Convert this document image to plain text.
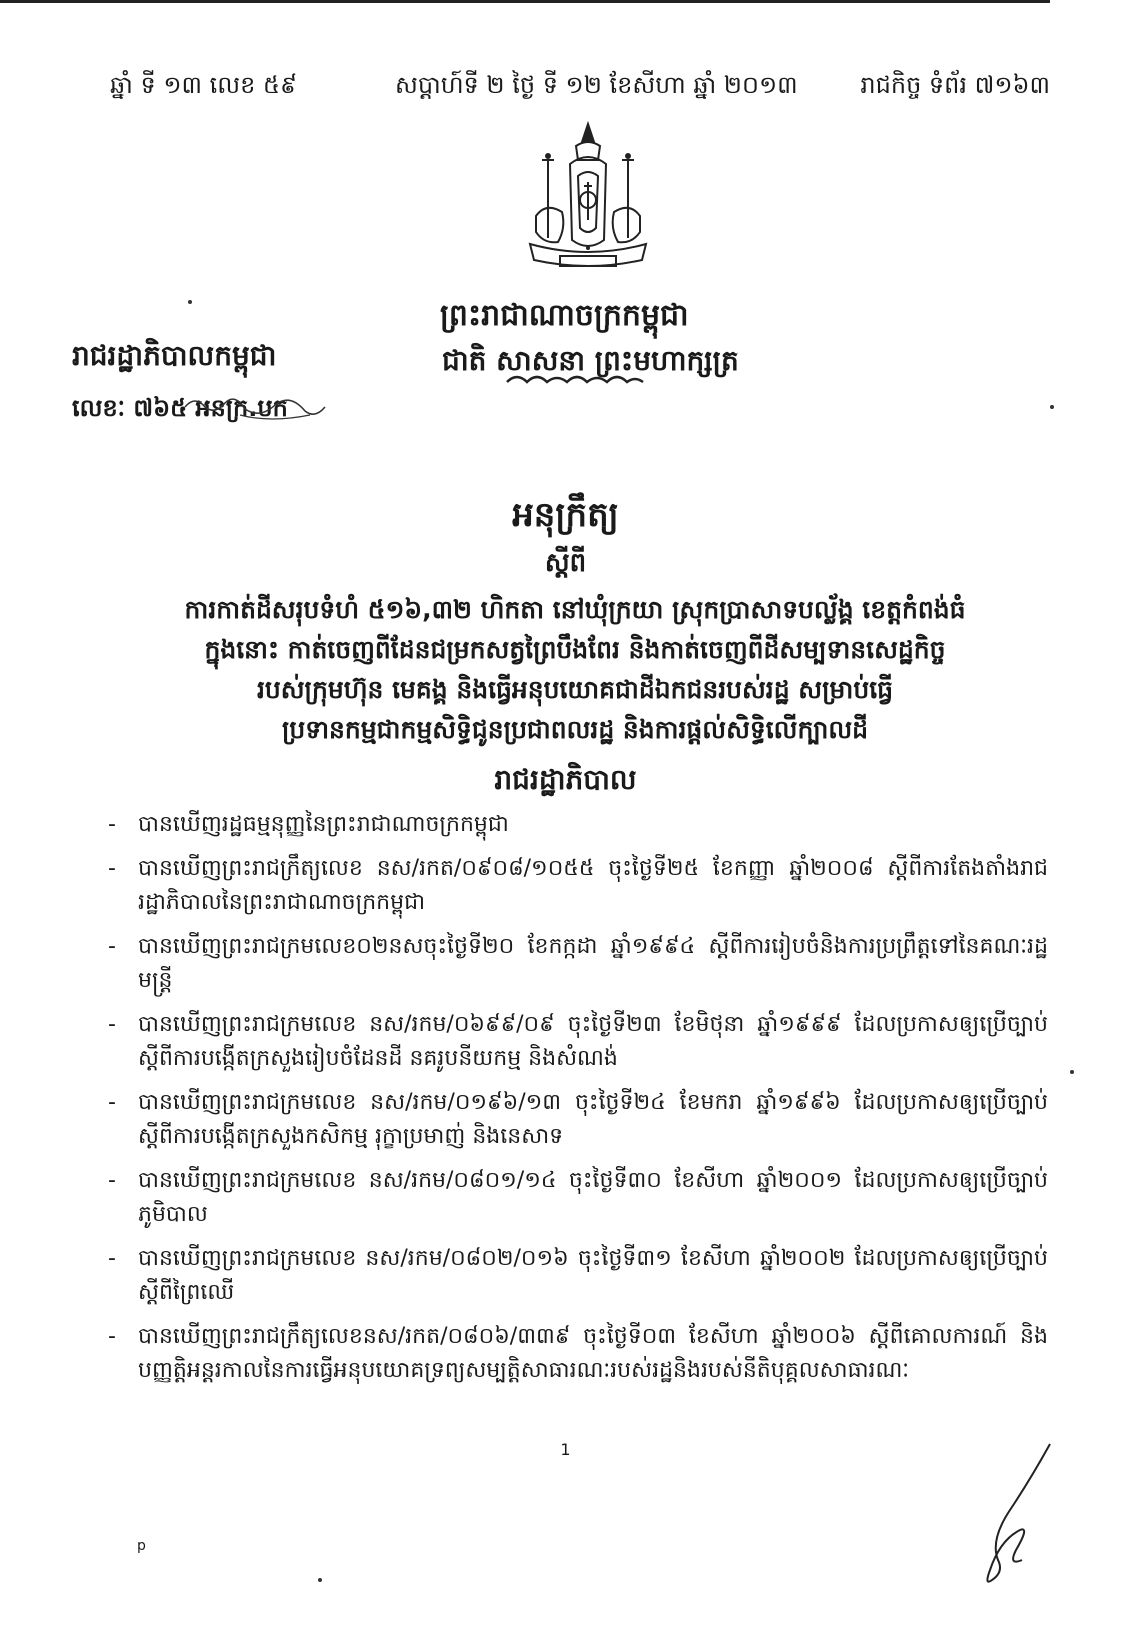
ឆ្នាំ ទី ១៣ លេខ ៥៩	សប្តាហ៍ទី ២ ថ្ងៃ ទី ១២ ខែសីហា ឆ្នាំ ២០១៣	រាជកិច្ច ទំព័រ ៧១៦៣
ព្រះរាជាណាចក្រកម្ពុជា
ជាតិ សាសនា ព្រះមហាក្សត្រ
រាជរដ្ឋាភិបាលកម្ពុជា
លេខៈ ៧៦៥ អនក្រ.បក
អនុក្រឹត្យ
ស្តីពី
ការកាត់ដីសរុបទំហំ ៥១៦,៣២ ហិកតា នៅឃុំក្រយា ស្រុកប្រាសាទបល្ល័ង្គ ខេត្តកំពង់ធំ
ក្នុងនោះ កាត់ចេញពីដែនជម្រកសត្វព្រៃបឹងពែរ និងកាត់ចេញពីដីសម្បទានសេដ្ឋកិច្ច
របស់ក្រុមហ៊ុន មេគង្គ និងធ្វើអនុបយោគជាដីឯកជនរបស់រដ្ឋ សម្រាប់ធ្វើ
ប្រទានកម្មជាកម្មសិទ្ធិជូនប្រជាពលរដ្ឋ និងការផ្តល់សិទ្ធិលើក្បាលដី
រាជរដ្ឋាភិបាល
- បានឃើញរដ្ឋធម្មនុញ្ញនៃព្រះរាជាណាចក្រកម្ពុជា
- បានឃើញព្រះរាជក្រឹត្យលេខ នស/រកត/០៩០៨/១០៥៥ ចុះថ្ងៃទី២៥ ខែកញ្ញា ឆ្នាំ២០០៨ ស្តីពីការតែងតាំងរាជរដ្ឋាភិបាលនៃព្រះរាជាណាចក្រកម្ពុជា
- បានឃើញព្រះរាជក្រមលេខ០២នសចុះថ្ងៃទី២០ ខែកក្កដា ឆ្នាំ១៩៩៤ ស្តីពីការរៀបចំនិងការប្រព្រឹត្តទៅនៃគណៈរដ្ឋមន្ត្រី
- បានឃើញព្រះរាជក្រមលេខ នស/រកម/០៦៩៩/០៩ ចុះថ្ងៃទី២៣ ខែមិថុនា ឆ្នាំ១៩៩៩ ដែលប្រកាសឲ្យប្រើច្បាប់ស្តីពីការបង្កើតក្រសួងរៀបចំដែនដី នគរូបនីយកម្ម និងសំណង់
- បានឃើញព្រះរាជក្រមលេខ នស/រកម/០១៩៦/១៣ ចុះថ្ងៃទី២៤ ខែមករា ឆ្នាំ១៩៩៦ ដែលប្រកាសឲ្យប្រើច្បាប់ ស្តីពីការបង្កើតក្រសួងកសិកម្ម រុក្ខាប្រមាញ់ និងនេសាទ
- បានឃើញព្រះរាជក្រមលេខ នស/រកម/០៨០១/១៤ ចុះថ្ងៃទី៣០ ខែសីហា ឆ្នាំ២០០១ ដែលប្រកាសឲ្យប្រើច្បាប់ភូមិបាល
- បានឃើញព្រះរាជក្រមលេខ នស/រកម/០៨០២/០១៦ ចុះថ្ងៃទី៣១ ខែសីហា ឆ្នាំ២០០២ ដែលប្រកាសឲ្យប្រើច្បាប់ស្តីពីព្រៃឈើ
- បានឃើញព្រះរាជក្រឹត្យលេខនស/រកត/០៨០៦/៣៣៩ ចុះថ្ងៃទី០៣ ខែសីហា ឆ្នាំ២០០៦ ស្តីពីគោលការណ៍ និងបញ្ញត្តិអន្តរកាលនៃការធ្វើអនុបយោគទ្រព្យសម្បត្តិសាធារណៈរបស់រដ្ឋនិងរបស់នីតិបុគ្គលសាធារណៈ
1
p
